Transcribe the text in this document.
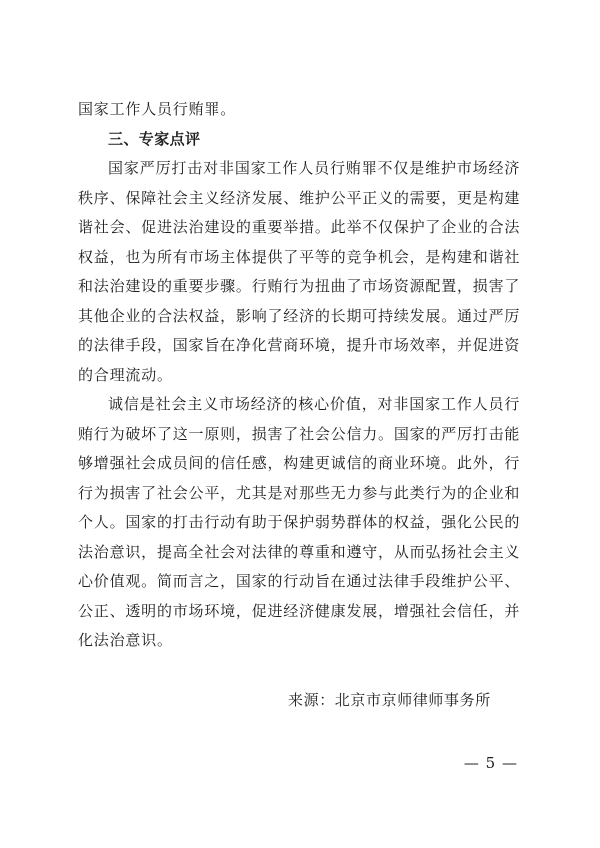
国家工作人员行贿罪。
三、专家点评
国家严厉打击对非国家工作人员行贿罪不仅是维护市场经济
秩序、保障社会主义经济发展、维护公平正义的需要，更是构建
谐社会、促进法治建设的重要举措。此举不仅保护了企业的合法
权益，也为所有市场主体提供了平等的竞争机会，是构建和谐社
和法治建设的重要步骤。行贿行为扭曲了市场资源配置，损害了
其他企业的合法权益，影响了经济的长期可持续发展。通过严厉
的法律手段，国家旨在净化营商环境，提升市场效率，并促进资
的合理流动。
诚信是社会主义市场经济的核心价值，对非国家工作人员行
贿行为破坏了这一原则，损害了社会公信力。国家的严厉打击能
够增强社会成员间的信任感，构建更诚信的商业环境。此外，行
行为损害了社会公平，尤其是对那些无力参与此类行为的企业和
个人。国家的打击行动有助于保护弱势群体的权益，强化公民的
法治意识，提高全社会对法律的尊重和遵守，从而弘扬社会主义
心价值观。简而言之，国家的行动旨在通过法律手段维护公平、
公正、透明的市场环境，促进经济健康发展，增强社会信任，并
化法治意识。
来源：北京市京师律师事务所
— 5 —
